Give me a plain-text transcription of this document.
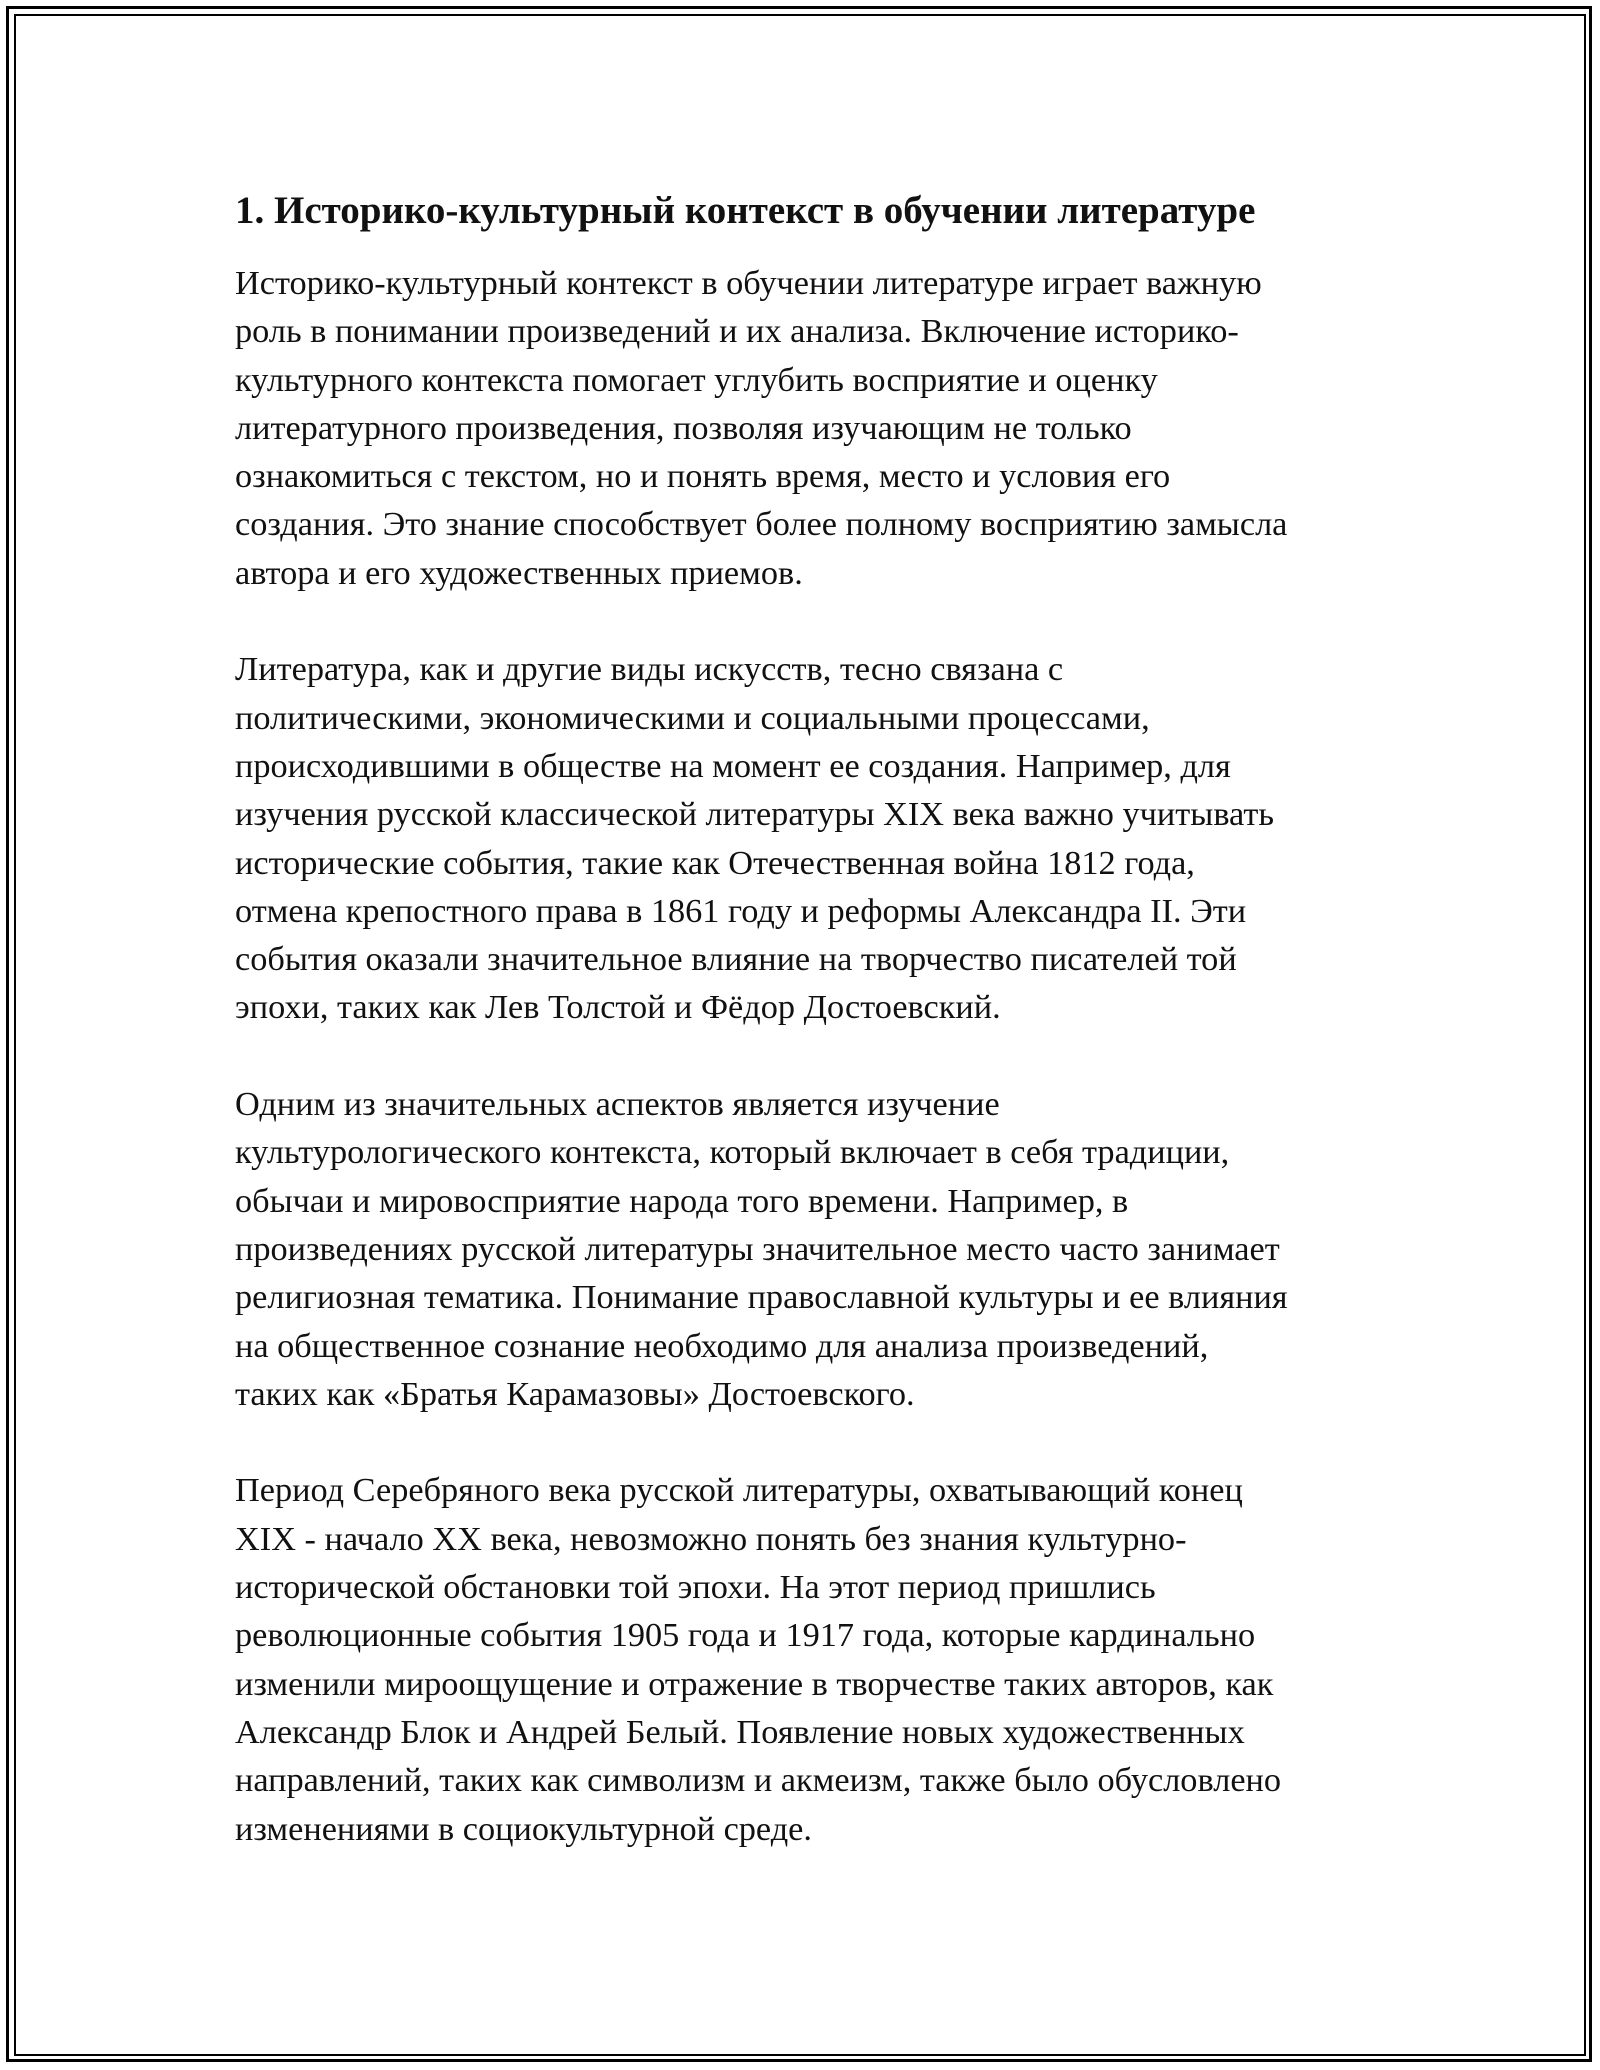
1. Историко-культурный контекст в обучении литературе

Историко-культурный контекст в обучении литературе играет важную
роль в понимании произведений и их анализа. Включение историко-
культурного контекста помогает углубить восприятие и оценку
литературного произведения, позволяя изучающим не только
ознакомиться с текстом, но и понять время, место и условия его
создания. Это знание способствует более полному восприятию замысла
автора и его художественных приемов.

Литература, как и другие виды искусств, тесно связана с
политическими, экономическими и социальными процессами,
происходившими в обществе на момент ее создания. Например, для
изучения русской классической литературы XIX века важно учитывать
исторические события, такие как Отечественная война 1812 года,
отмена крепостного права в 1861 году и реформы Александра II. Эти
события оказали значительное влияние на творчество писателей той
эпохи, таких как Лев Толстой и Фёдор Достоевский.

Одним из значительных аспектов является изучение
культурологического контекста, который включает в себя традиции,
обычаи и мировосприятие народа того времени. Например, в
произведениях русской литературы значительное место часто занимает
религиозная тематика. Понимание православной культуры и ее влияния
на общественное сознание необходимо для анализа произведений,
таких как «Братья Карамазовы» Достоевского.

Период Серебряного века русской литературы, охватывающий конец
XIX - начало XX века, невозможно понять без знания культурно-
исторической обстановки той эпохи. На этот период пришлись
революционные события 1905 года и 1917 года, которые кардинально
изменили мироощущение и отражение в творчестве таких авторов, как
Александр Блок и Андрей Белый. Появление новых художественных
направлений, таких как символизм и акмеизм, также было обусловлено
изменениями в социокультурной среде.
